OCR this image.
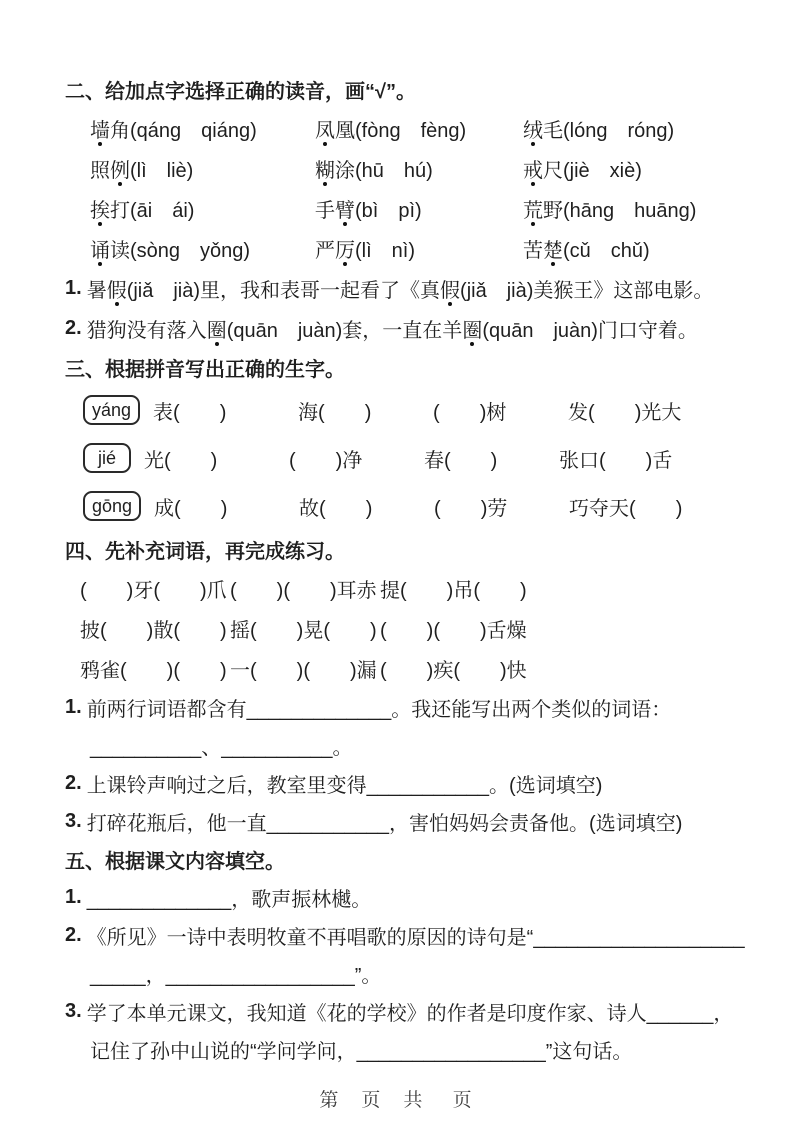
二、给加点字选择正确的读音，画“√”。
墙角(qáng　qiáng)	凤凰(fòng　fèng)	绒毛(lóng　róng)
照例(lì　liè)	糊涂(hū　hú)	戒尺(jiè　xiè)
挨打(āi　ái)	手臂(bì　pì)	荒野(hāng　huāng)
诵读(sòng　yǒng)	严厉(lì　nì)	苦楚(cǔ　chǔ)
1. 暑假(jiǎ　jià)里，我和表哥一起看了《真假(jiǎ　jià)美猴王》这部电影。
2. 猎狗没有落入圈(quān　juàn)套，一直在羊圈(quān　juàn)门口守着。
三、根据拼音写出正确的生字。
yáng	表(　　)	海(　　)	(　　)树	发(　　)光大
jié	光(　　)	(　　)净	春(　　)	张口(　　)舌
gōng	成(　　)	故(　　)	(　　)劳	巧夺天(　　)
四、先补充词语，再完成练习。
(　　)牙(　　)爪 (　　)(　　)耳赤 提(　　)吊(　　)
披(　　)散(　　) 摇(　　)晃(　　) (　　)(　　)舌燥
鸦雀(　　)(　　) 一(　　)(　　)漏 (　　)疾(　　)快
1. 前两行词语都含有_____________。我还能写出两个类似的词语：
__________、__________。
2. 上课铃声响过之后，教室里变得___________。(选词填空)
3. 打碎花瓶后，他一直___________，害怕妈妈会责备他。(选词填空)
五、根据课文内容填空。
1. _____________，歌声振林樾。
2. 《所见》一诗中表明牧童不再唱歌的原因的诗句是“___________________
_____，_________________”。
3. 学了本单元课文，我知道《花的学校》的作者是印度作家、诗人______，
记住了孙中山说的“学问学问，_________________”这句话。
第　页　共　 页
